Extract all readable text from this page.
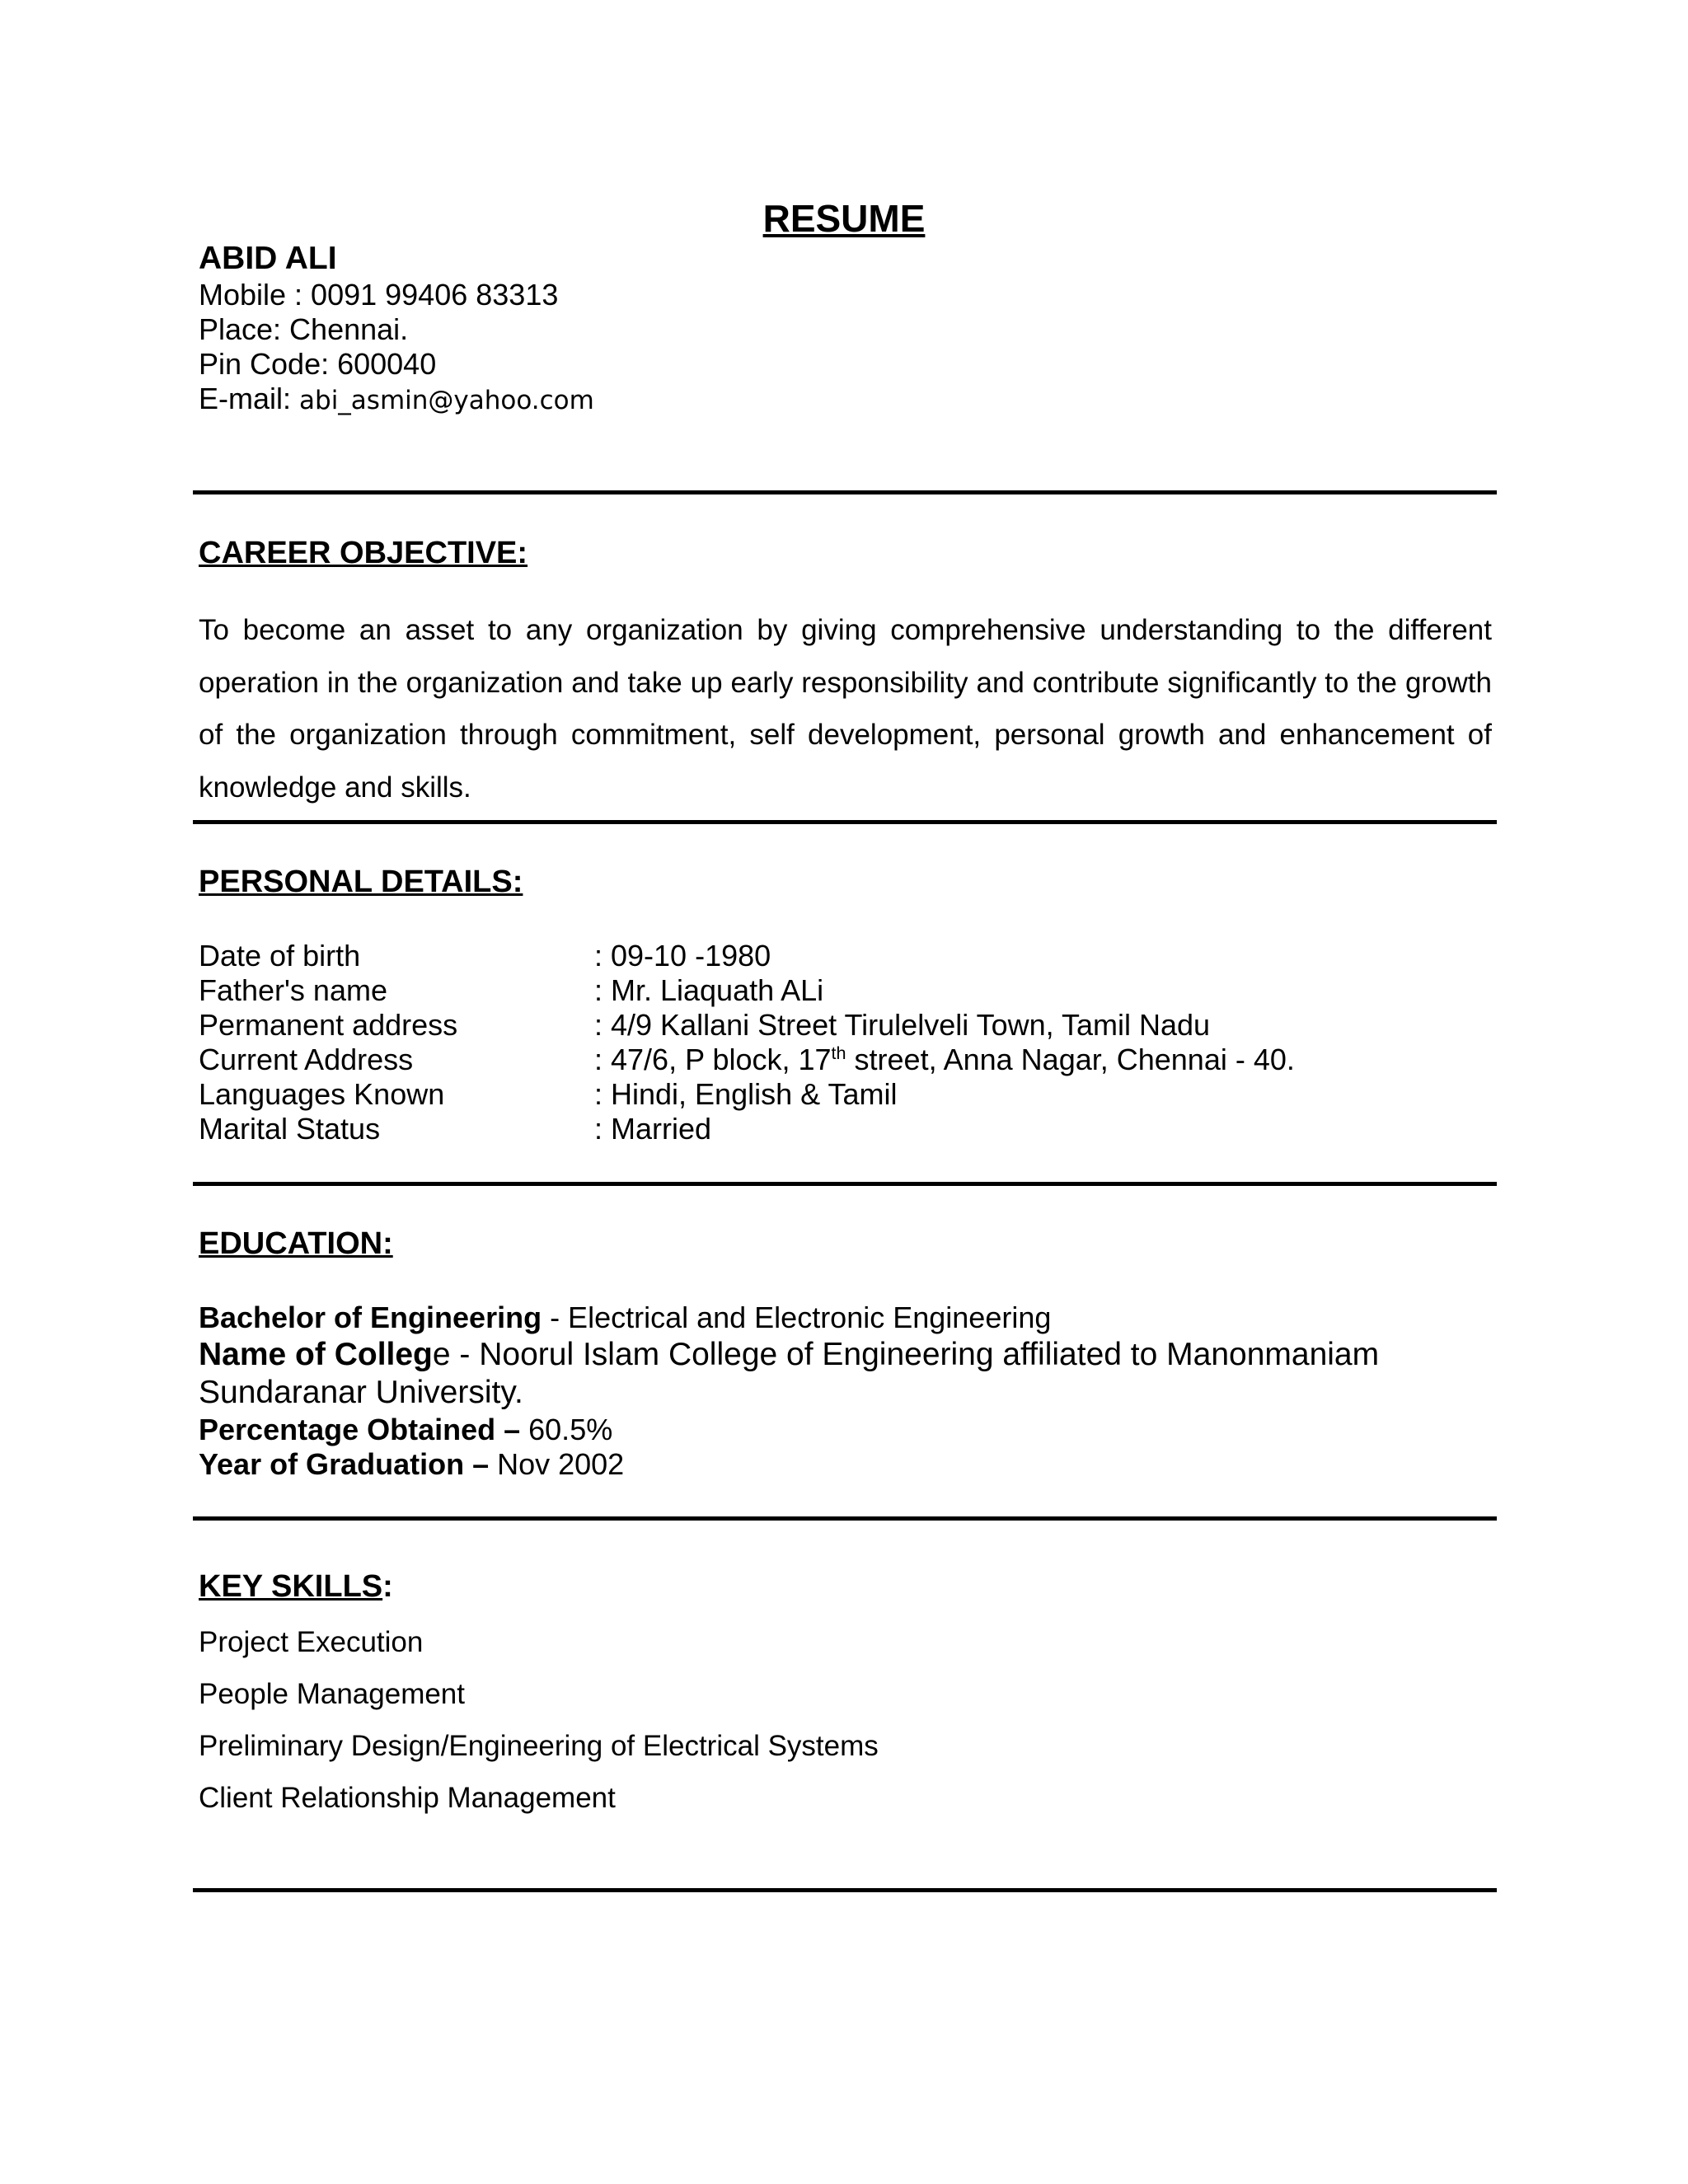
RESUME
ABID ALI
Mobile : 0091 99406 83313
Place: Chennai.
Pin Code: 600040
E-mail: abi_asmin@yahoo.com
CAREER OBJECTIVE:
To become an asset to any organization by giving comprehensive understanding to the different operation in the organization and take up early responsibility and contribute significantly to the growth of the organization through commitment, self development, personal growth and enhancement of knowledge and skills.
PERSONAL DETAILS:
Date of birth	: 09-10 -1980
Father's name	: Mr. Liaquath ALi
Permanent address	: 4/9 Kallani Street Tirulelveli Town, Tamil Nadu
Current Address	: 47/6, P block, 17th street, Anna Nagar, Chennai - 40.
Languages Known	: Hindi, English & Tamil
Marital Status	: Married
EDUCATION:
Bachelor of Engineering - Electrical and Electronic Engineering
Name of College - Noorul Islam College of Engineering affiliated to Manonmaniam
Sundaranar University.
Percentage Obtained – 60.5%
Year of Graduation – Nov 2002
KEY SKILLS:
Project Execution
People Management
Preliminary Design/Engineering of Electrical Systems
Client Relationship Management
